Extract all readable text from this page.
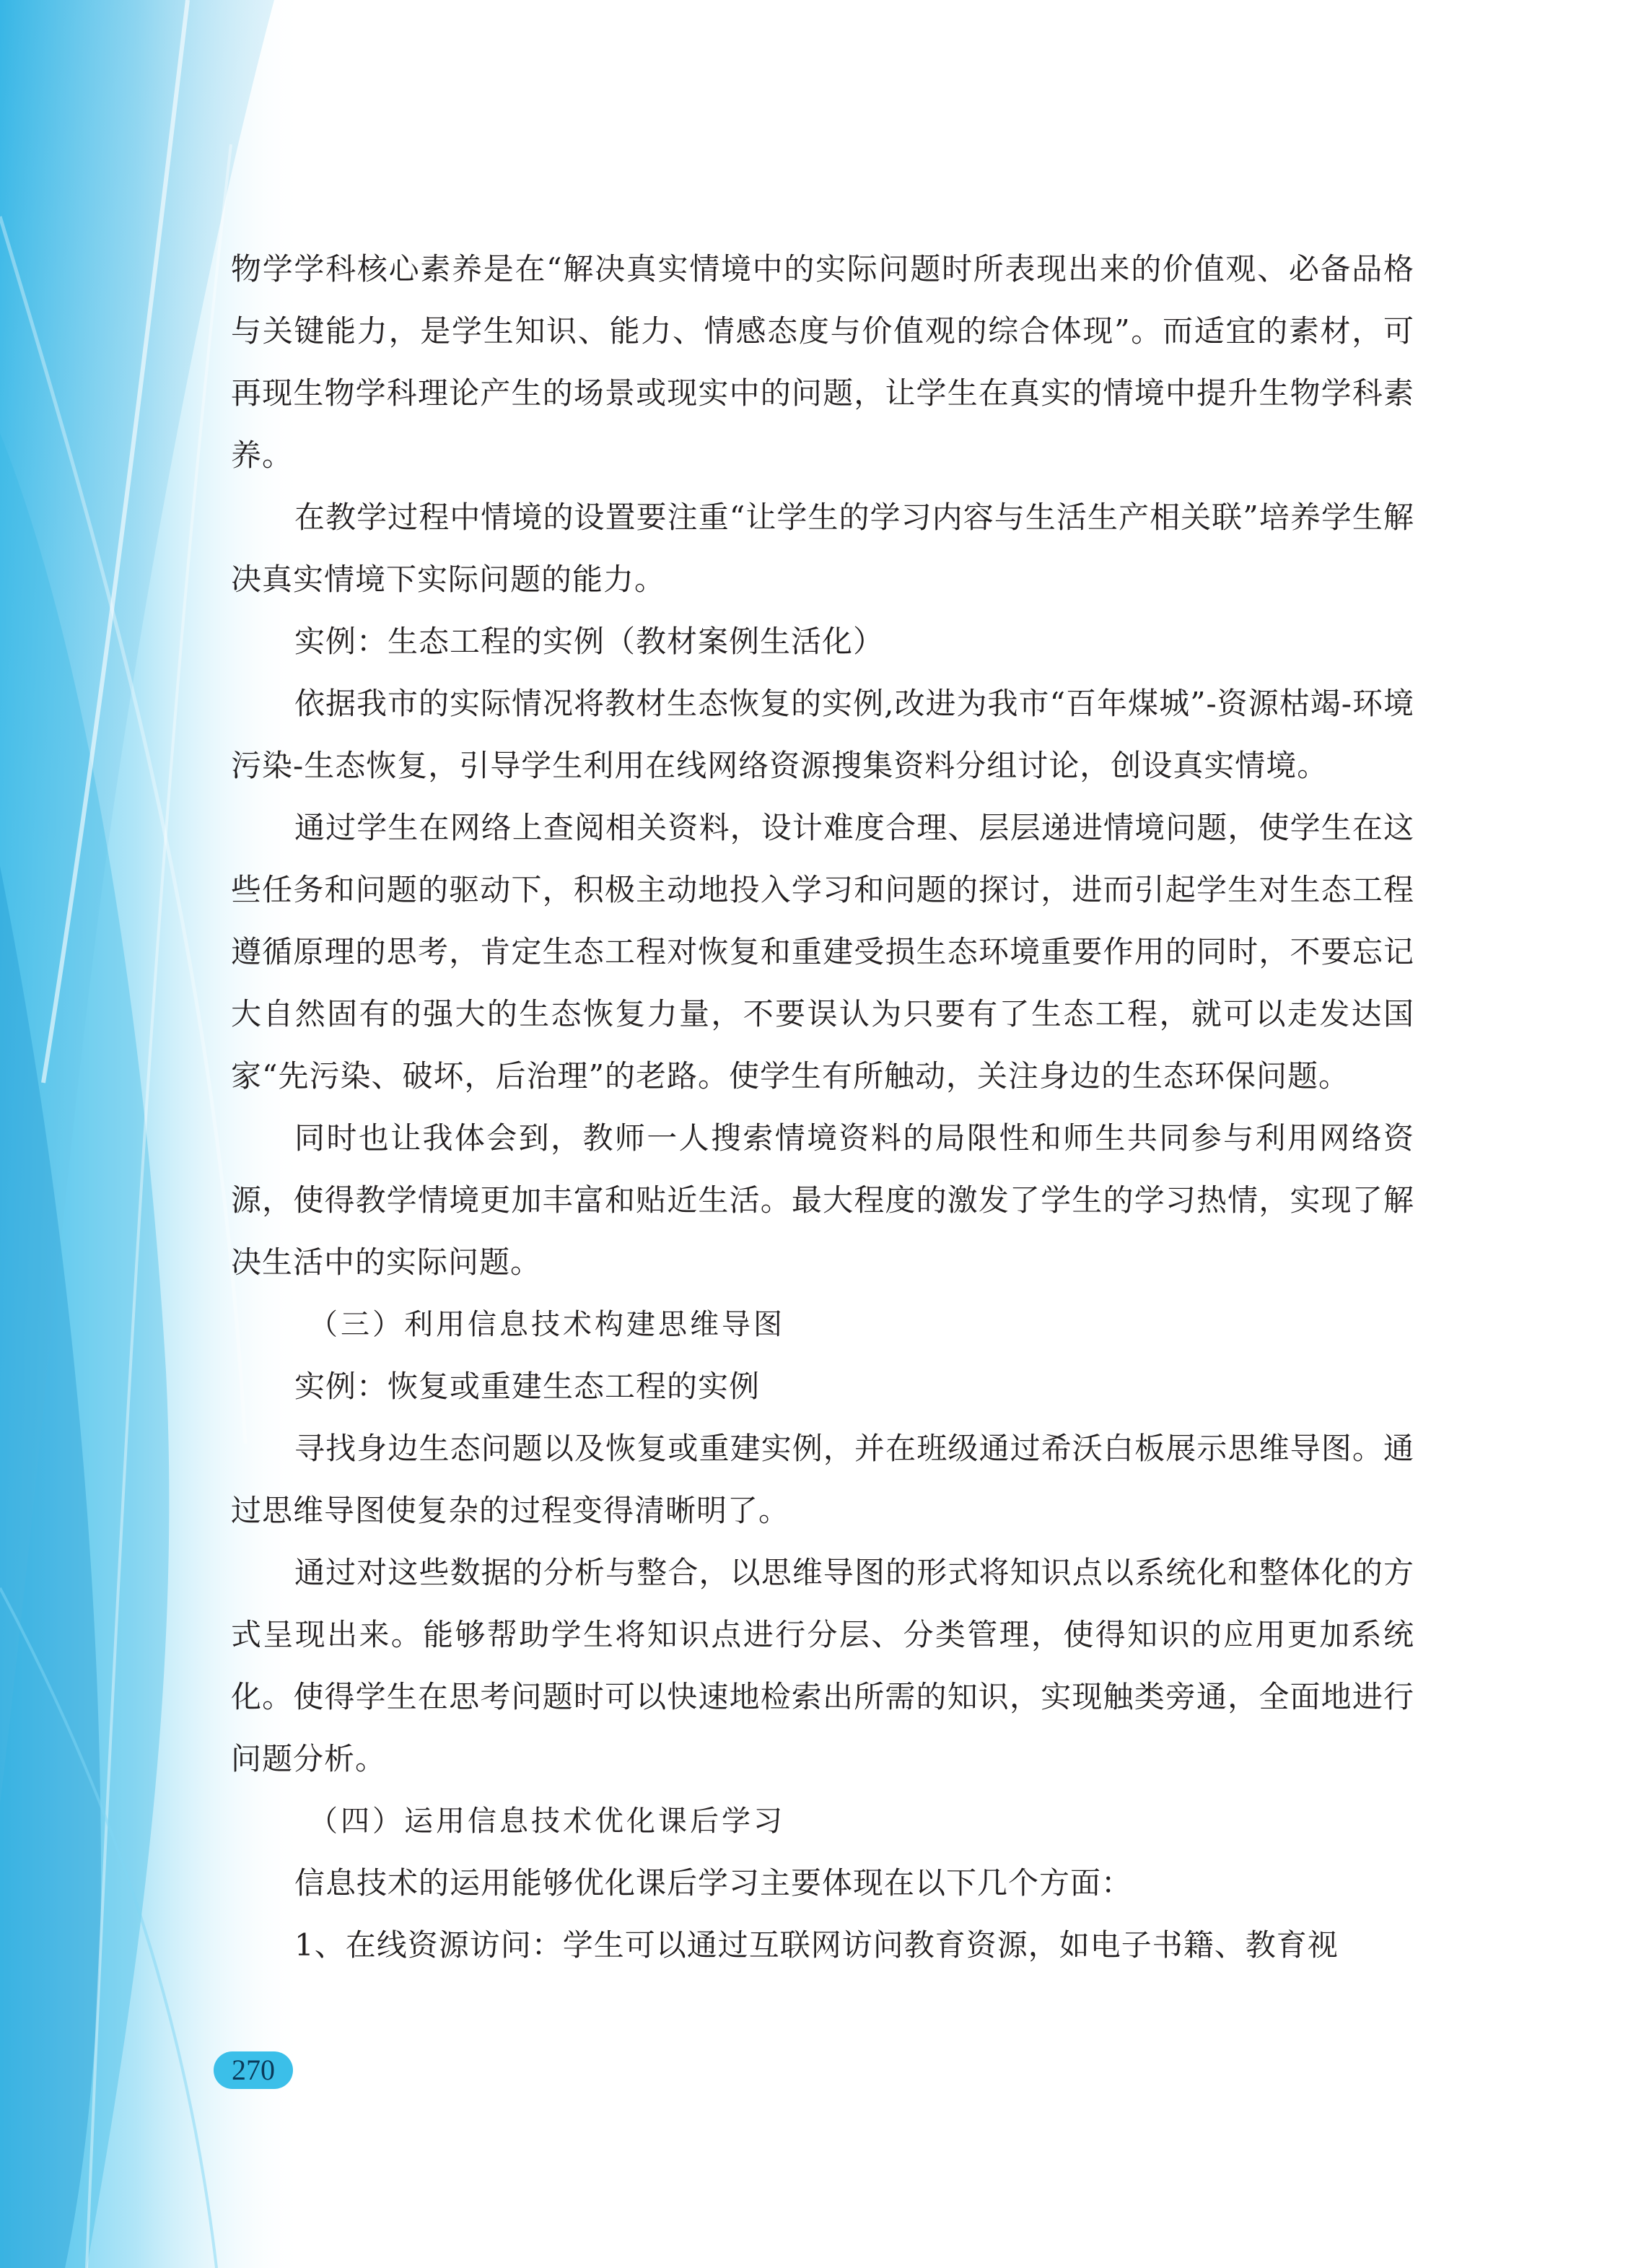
物学学科核心素养是在“解决真实情境中的实际问题时所表现出来的价值观、必备品格与关键能力，是学生知识、能力、情感态度与价值观的综合体现”。而适宜的素材，可再现生物学科理论产生的场景或现实中的问题，让学生在真实的情境中提升生物学科素养。

在教学过程中情境的设置要注重“让学生的学习内容与生活生产相关联”培养学生解决真实情境下实际问题的能力。

实例：生态工程的实例（教材案例生活化）

依据我市的实际情况将教材生态恢复的实例,改进为我市“百年煤城”-资源枯竭-环境污染-生态恢复，引导学生利用在线网络资源搜集资料分组讨论，创设真实情境。

通过学生在网络上查阅相关资料，设计难度合理、层层递进情境问题，使学生在这些任务和问题的驱动下，积极主动地投入学习和问题的探讨，进而引起学生对生态工程遵循原理的思考，肯定生态工程对恢复和重建受损生态环境重要作用的同时，不要忘记大自然固有的强大的生态恢复力量，不要误认为只要有了生态工程，就可以走发达国家“先污染、破坏，后治理”的老路。使学生有所触动，关注身边的生态环保问题。

同时也让我体会到，教师一人搜索情境资料的局限性和师生共同参与利用网络资源，使得教学情境更加丰富和贴近生活。最大程度的激发了学生的学习热情，实现了解决生活中的实际问题。

（三）利用信息技术构建思维导图

实例：恢复或重建生态工程的实例

寻找身边生态问题以及恢复或重建实例，并在班级通过希沃白板展示思维导图。通过思维导图使复杂的过程变得清晰明了。

通过对这些数据的分析与整合，以思维导图的形式将知识点以系统化和整体化的方式呈现出来。能够帮助学生将知识点进行分层、分类管理，使得知识的应用更加系统化。使得学生在思考问题时可以快速地检索出所需的知识，实现触类旁通，全面地进行问题分析。

（四）运用信息技术优化课后学习

信息技术的运用能够优化课后学习主要体现在以下几个方面：

1、在线资源访问：学生可以通过互联网访问教育资源，如电子书籍、教育视

270
